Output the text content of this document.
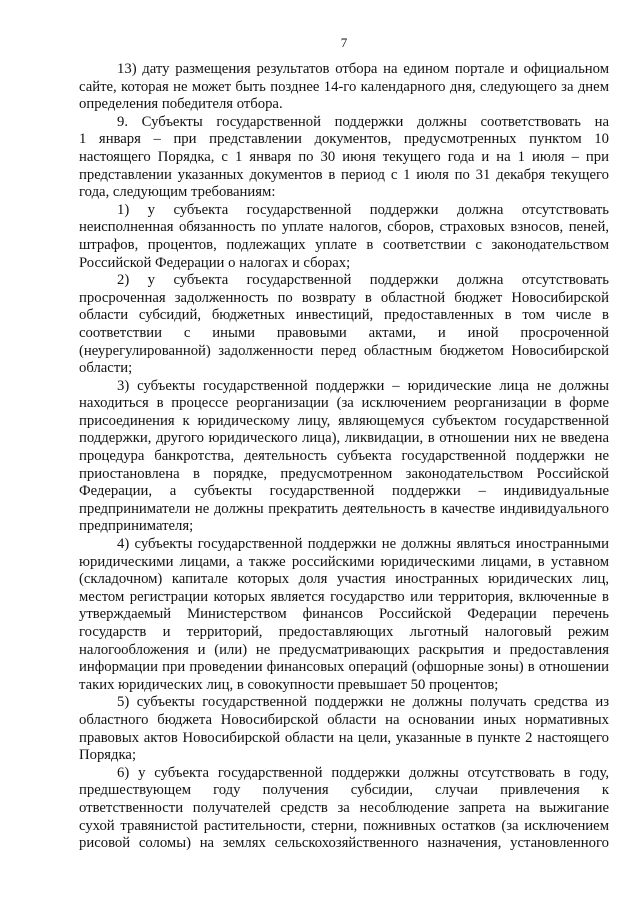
7
13) дату размещения результатов отбора на едином портале и официальном
сайте, которая не может быть позднее 14-го календарного дня, следующего за днем
определения победителя отбора.
9. Субъекты государственной поддержки должны соответствовать на
1 января – при представлении документов, предусмотренных пунктом 10
настоящего Порядка, с 1 января по 30 июня текущего года и на 1 июля – при
представлении указанных документов в период с 1 июля по 31 декабря текущего
года, следующим требованиям:
1) у субъекта государственной поддержки должна отсутствовать
неисполненная обязанность по уплате налогов, сборов, страховых взносов, пеней,
штрафов, процентов, подлежащих уплате в соответствии с законодательством
Российской Федерации о налогах и сборах;
2) у субъекта государственной поддержки должна отсутствовать
просроченная задолженность по возврату в областной бюджет Новосибирской
области субсидий, бюджетных инвестиций, предоставленных в том числе в
соответствии с иными правовыми актами, и иной просроченной
(неурегулированной) задолженности перед областным бюджетом Новосибирской
области;
3) субъекты государственной поддержки – юридические лица не должны
находиться в процессе реорганизации (за исключением реорганизации в форме
присоединения к юридическому лицу, являющемуся субъектом государственной
поддержки, другого юридического лица), ликвидации, в отношении них не введена
процедура банкротства, деятельность субъекта государственной поддержки не
приостановлена в порядке, предусмотренном законодательством Российской
Федерации, а субъекты государственной поддержки – индивидуальные
предприниматели не должны прекратить деятельность в качестве индивидуального
предпринимателя;
4) субъекты государственной поддержки не должны являться иностранными
юридическими лицами, а также российскими юридическими лицами, в уставном
(складочном) капитале которых доля участия иностранных юридических лиц,
местом регистрации которых является государство или территория, включенные в
утверждаемый Министерством финансов Российской Федерации перечень
государств и территорий, предоставляющих льготный налоговый режим
налогообложения и (или) не предусматривающих раскрытия и предоставления
информации при проведении финансовых операций (офшорные зоны) в отношении
таких юридических лиц, в совокупности превышает 50 процентов;
5) субъекты государственной поддержки не должны получать средства из
областного бюджета Новосибирской области на основании иных нормативных
правовых актов Новосибирской области на цели, указанные в пункте 2 настоящего
Порядка;
6) у субъекта государственной поддержки должны отсутствовать в году,
предшествующем году получения субсидии, случаи привлечения к
ответственности получателей средств за несоблюдение запрета на выжигание
сухой травянистой растительности, стерни, пожнивных остатков (за исключением
рисовой соломы) на землях сельскохозяйственного назначения, установленного
